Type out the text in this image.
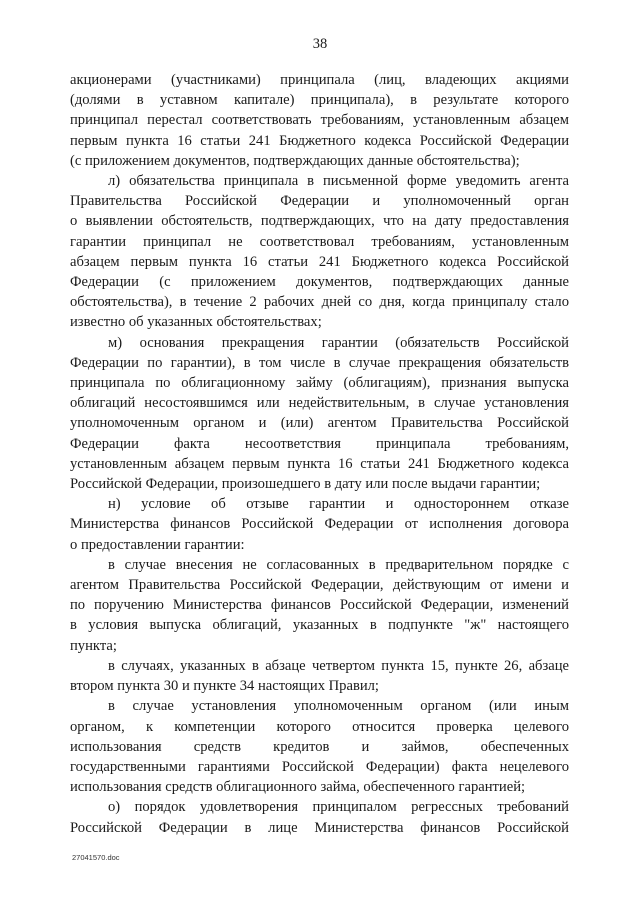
38

акционерами (участниками) принципала (лиц, владеющих акциями
(долями в уставном капитале) принципала), в результате которого
принципал перестал соответствовать требованиям, установленным абзацем
первым пункта 16 статьи 241 Бюджетного кодекса Российской Федерации
(с приложением документов, подтверждающих данные обстоятельства);

л) обязательства принципала в письменной форме уведомить агента
Правительства Российской Федерации и уполномоченный орган
о выявлении обстоятельств, подтверждающих, что на дату предоставления
гарантии принципал не соответствовал требованиям, установленным
абзацем первым пункта 16 статьи 241 Бюджетного кодекса Российской
Федерации (с приложением документов, подтверждающих данные
обстоятельства), в течение 2 рабочих дней со дня, когда принципалу стало
известно об указанных обстоятельствах;

м) основания прекращения гарантии (обязательств Российской
Федерации по гарантии), в том числе в случае прекращения обязательств
принципала по облигационному займу (облигациям), признания выпуска
облигаций несостоявшимся или недействительным, в случае установления
уполномоченным органом и (или) агентом Правительства Российской
Федерации факта несоответствия принципала требованиям,
установленным абзацем первым пункта 16 статьи 241 Бюджетного кодекса
Российской Федерации, произошедшего в дату или после выдачи гарантии;

н) условие об отзыве гарантии и одностороннем отказе
Министерства финансов Российской Федерации от исполнения договора
о предоставлении гарантии:

в случае внесения не согласованных в предварительном порядке с
агентом Правительства Российской Федерации, действующим от имени и
по поручению Министерства финансов Российской Федерации, изменений
в условия выпуска облигаций, указанных в подпункте "ж" настоящего
пункта;

в случаях, указанных в абзаце четвертом пункта 15, пункте 26, абзаце
втором пункта 30 и пункте 34 настоящих Правил;

в случае установления уполномоченным органом (или иным
органом, к компетенции которого относится проверка целевого
использования средств кредитов и займов, обеспеченных
государственными гарантиями Российской Федерации) факта нецелевого
использования средств облигационного займа, обеспеченного гарантией;

о) порядок удовлетворения принципалом регрессных требований
Российской Федерации в лице Министерства финансов Российской

27041570.doc
